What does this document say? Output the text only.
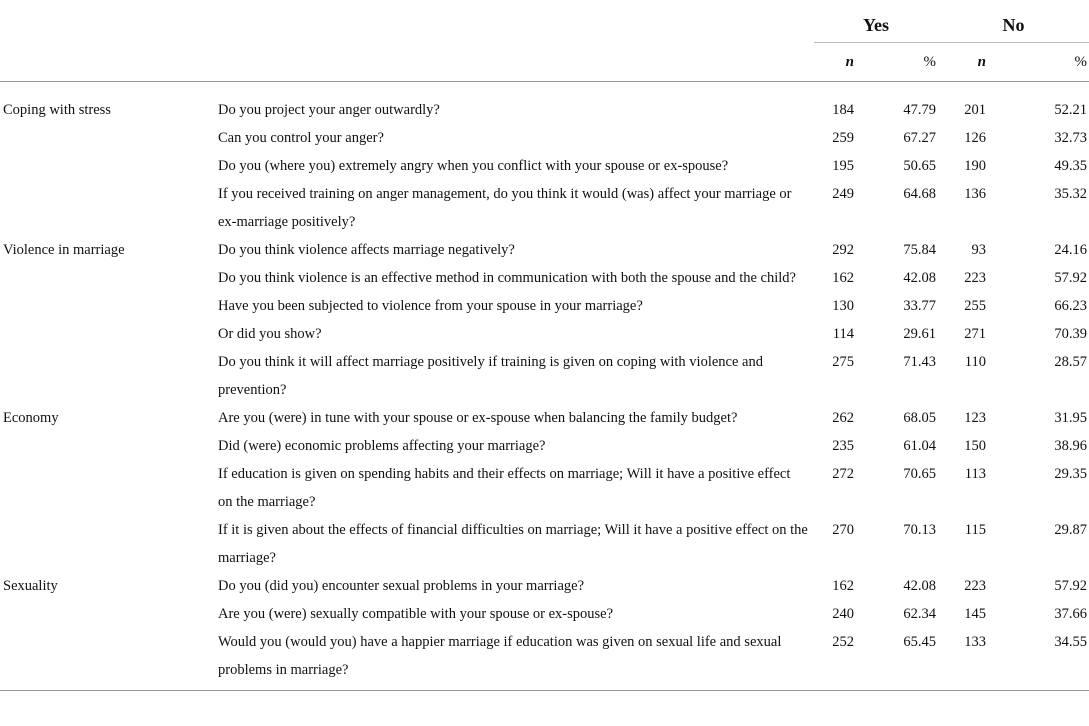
		Yes		No	
		n	%	n	%
Coping with stress	Do you project your anger outwardly?	184	47.79	201	52.21
	Can you control your anger?	259	67.27	126	32.73
	Do you (where you) extremely angry when you conflict with your spouse or ex-spouse?	195	50.65	190	49.35
	If you received training on anger management, do you think it would (was) affect your marriage or ex-marriage positively?	249	64.68	136	35.32
Violence in marriage	Do you think violence affects marriage negatively?	292	75.84	93	24.16
	Do you think violence is an effective method in communication with both the spouse and the child?	162	42.08	223	57.92
	Have you been subjected to violence from your spouse in your marriage?	130	33.77	255	66.23
	Or did you show?	114	29.61	271	70.39
	Do you think it will affect marriage positively if training is given on coping with violence and prevention?	275	71.43	110	28.57
Economy	Are you (were) in tune with your spouse or ex-spouse when balancing the family budget?	262	68.05	123	31.95
	Did (were) economic problems affecting your marriage?	235	61.04	150	38.96
	If education is given on spending habits and their effects on marriage; Will it have a positive effect on the marriage?	272	70.65	113	29.35
	If it is given about the effects of financial difficulties on marriage; Will it have a positive effect on the marriage?	270	70.13	115	29.87
Sexuality	Do you (did you) encounter sexual problems in your marriage?	162	42.08	223	57.92
	Are you (were) sexually compatible with your spouse or ex-spouse?	240	62.34	145	37.66
	Would you (would you) have a happier marriage if education was given on sexual life and sexual problems in marriage?	252	65.45	133	34.55
